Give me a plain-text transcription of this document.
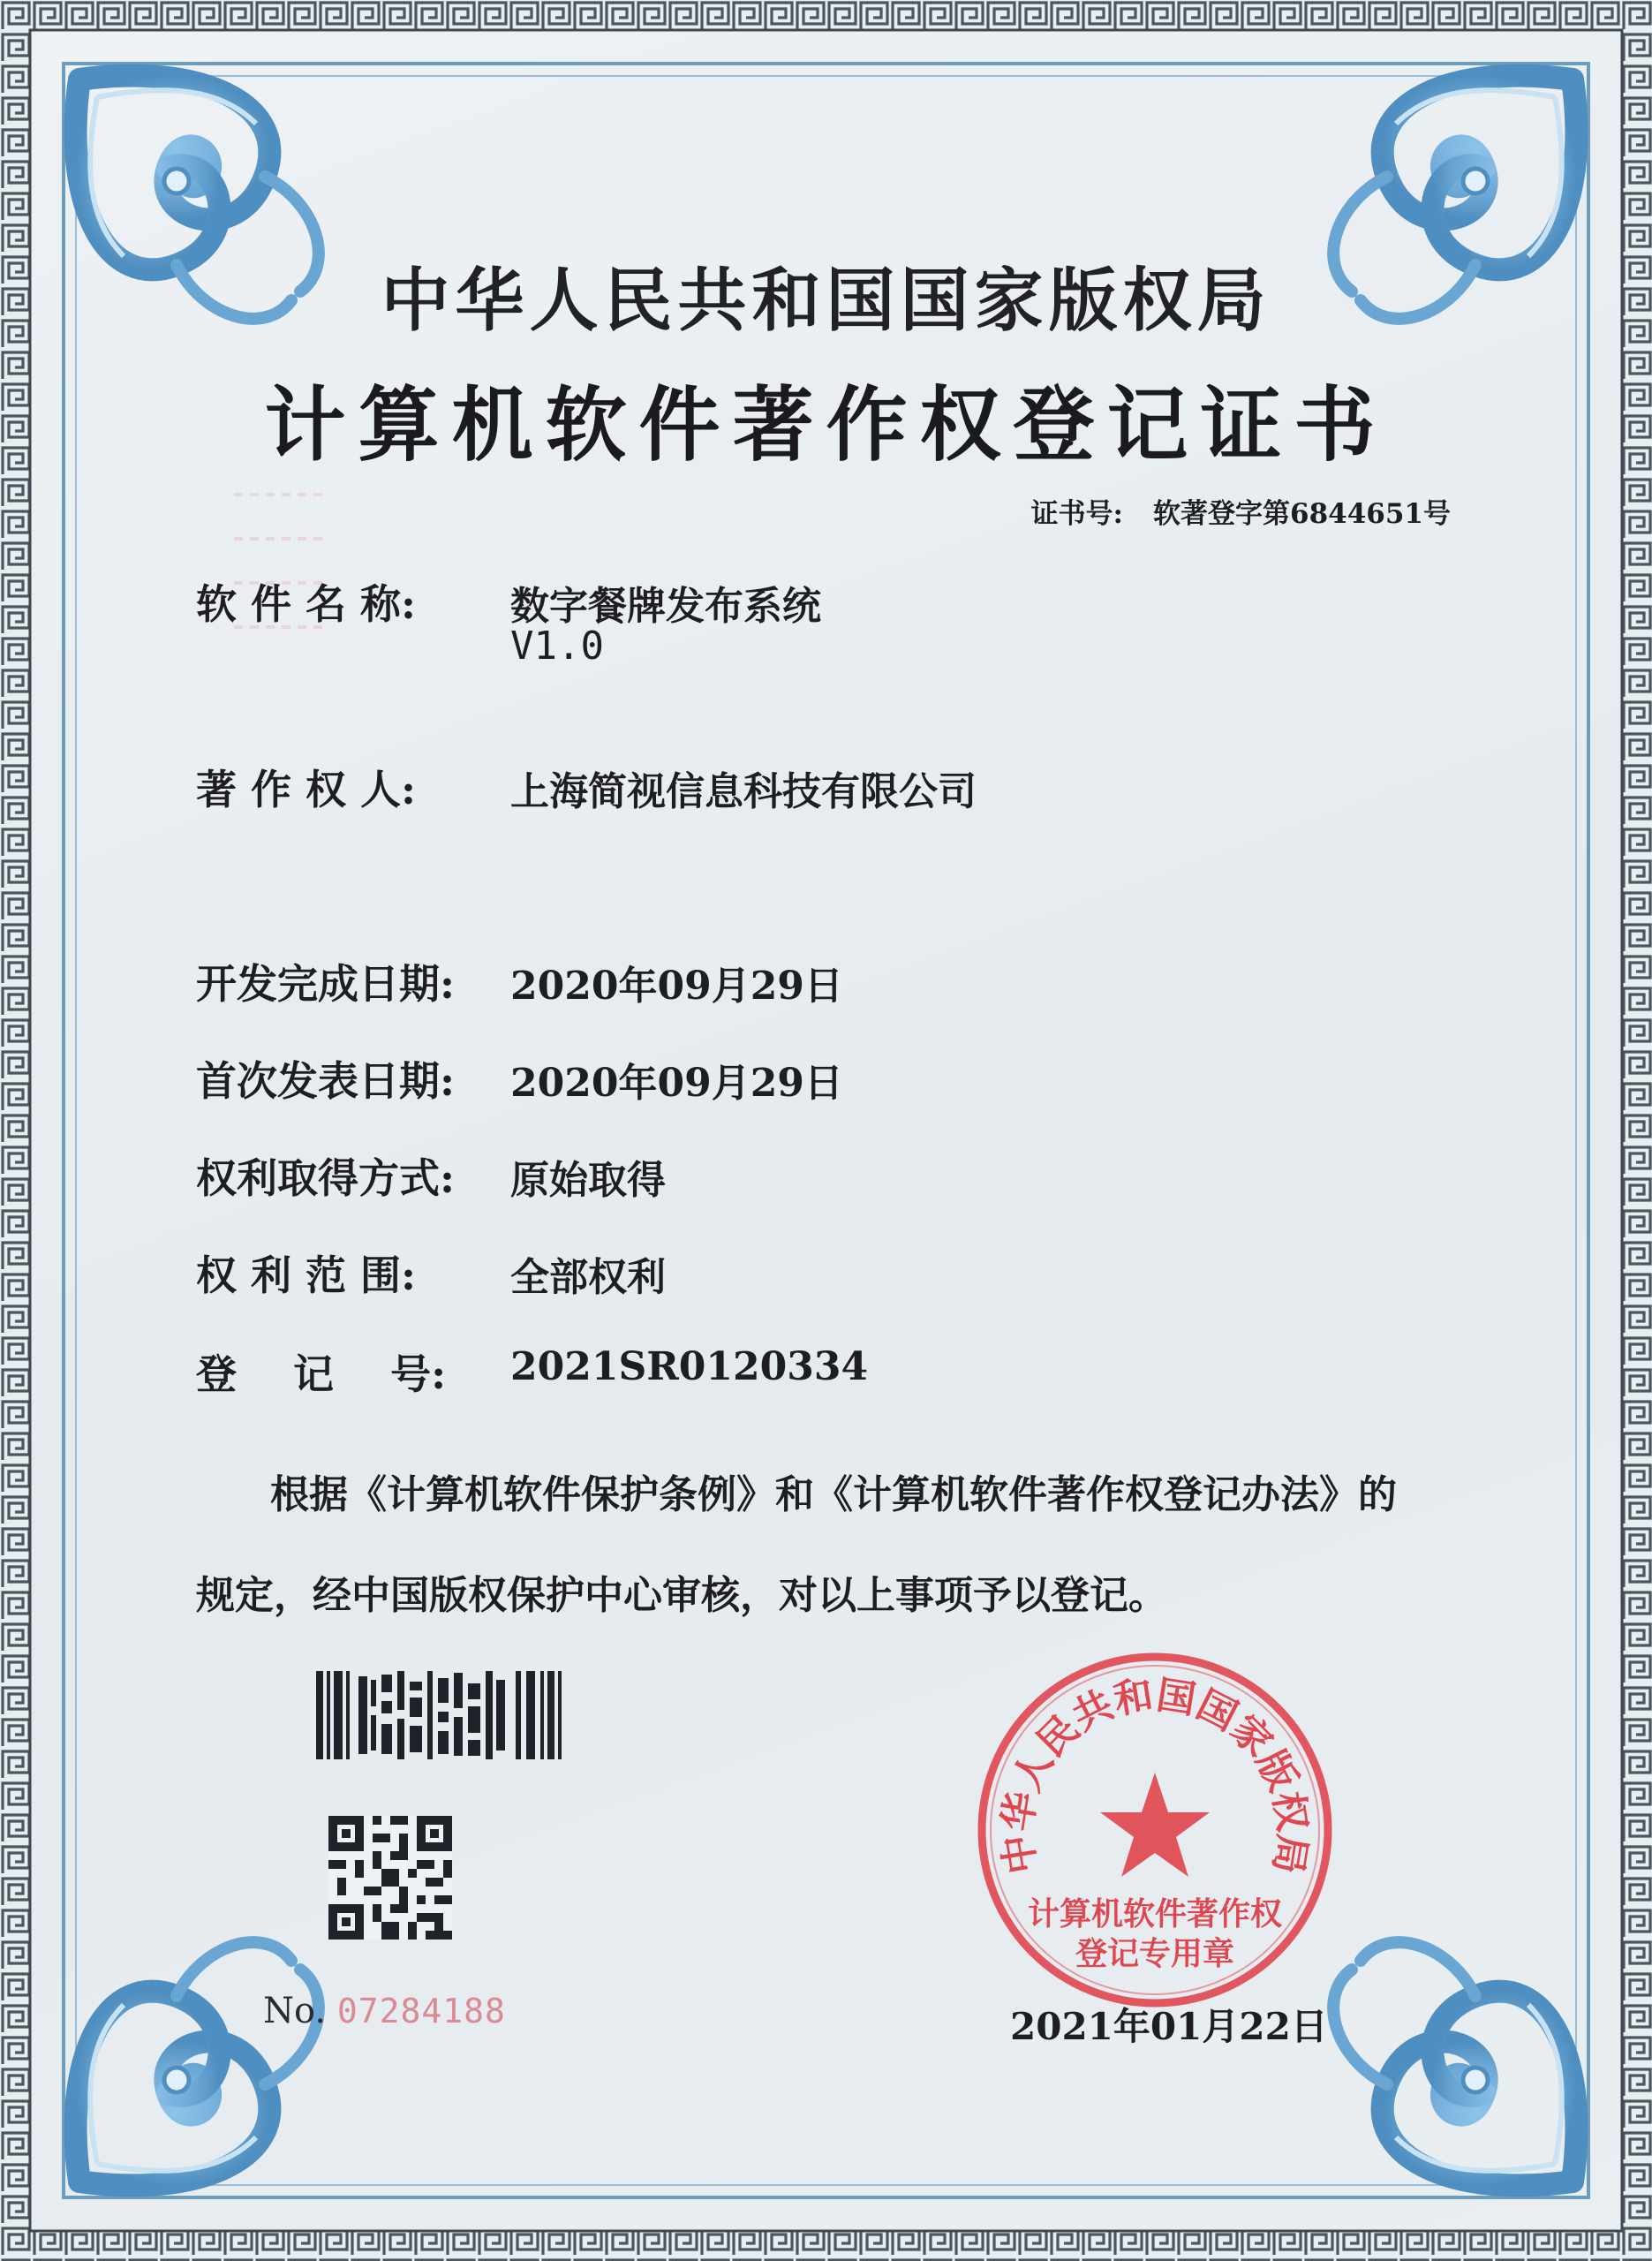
中华人民共和国国家版权局
计算机软件著作权登记证书
证书号: 软著登字第6844651号
软 件 名 称: 数字餐牌发布系统
V1.0
著 作 权 人: 上海简视信息科技有限公司
开发完成日期: 2020年09月29日
首次发表日期: 2020年09月29日
权利取得方式: 原始取得
权 利 范 围: 全部权利
登    记    号: 2021SR0120334
根据《计算机软件保护条例》和《计算机软件著作权登记办法》的
规定，经中国版权保护中心审核，对以上事项予以登记。
No. 07284188
中华人民共和国国家版权局
计算机软件著作权
登记专用章
2021年01月22日
